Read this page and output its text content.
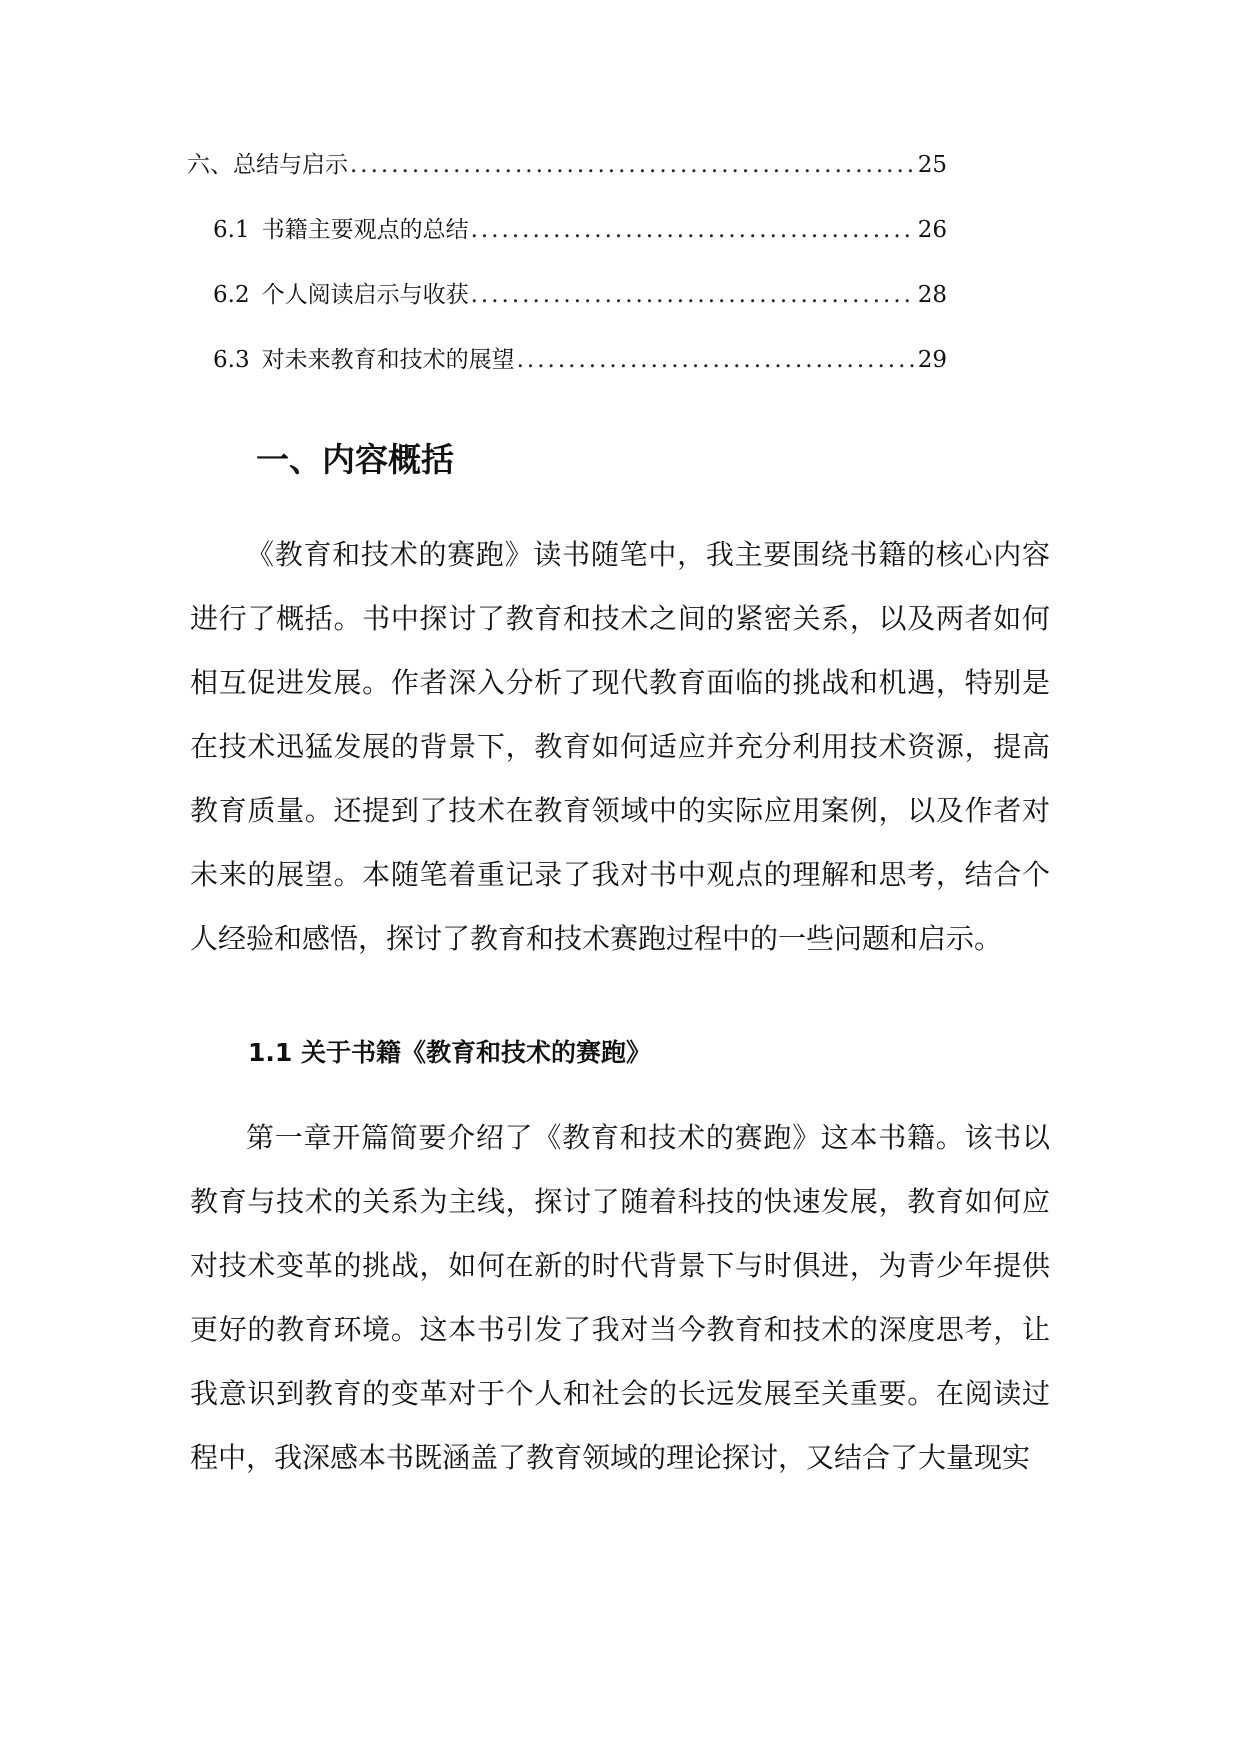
六、总结与启示 .....	25
6.1 书籍主要观点的总结 .....	26
6.2 个人阅读启示与收获 .....	28
6.3 对未来教育和技术的展望 .....	29
一、内容概括

《教育和技术的赛跑》读书随笔中，我主要围绕书籍的核心内容进行了概括。书中探讨了教育和技术之间的紧密关系，以及两者如何相互促进发展。作者深入分析了现代教育面临的挑战和机遇，特别是在技术迅猛发展的背景下，教育如何适应并充分利用技术资源，提高教育质量。还提到了技术在教育领域中的实际应用案例，以及作者对未来的展望。本随笔着重记录了我对书中观点的理解和思考，结合个人经验和感悟，探讨了教育和技术赛跑过程中的一些问题和启示。

1.1 关于书籍《教育和技术的赛跑》

第一章开篇简要介绍了《教育和技术的赛跑》这本书籍。该书以教育与技术的关系为主线，探讨了随着科技的快速发展，教育如何应对技术变革的挑战，如何在新的时代背景下与时俱进，为青少年提供更好的教育环境。这本书引发了我对当今教育和技术的深度思考，让我意识到教育的变革对于个人和社会的长远发展至关重要。在阅读过程中，我深感本书既涵盖了教育领域的理论探讨，又结合了大量现实
